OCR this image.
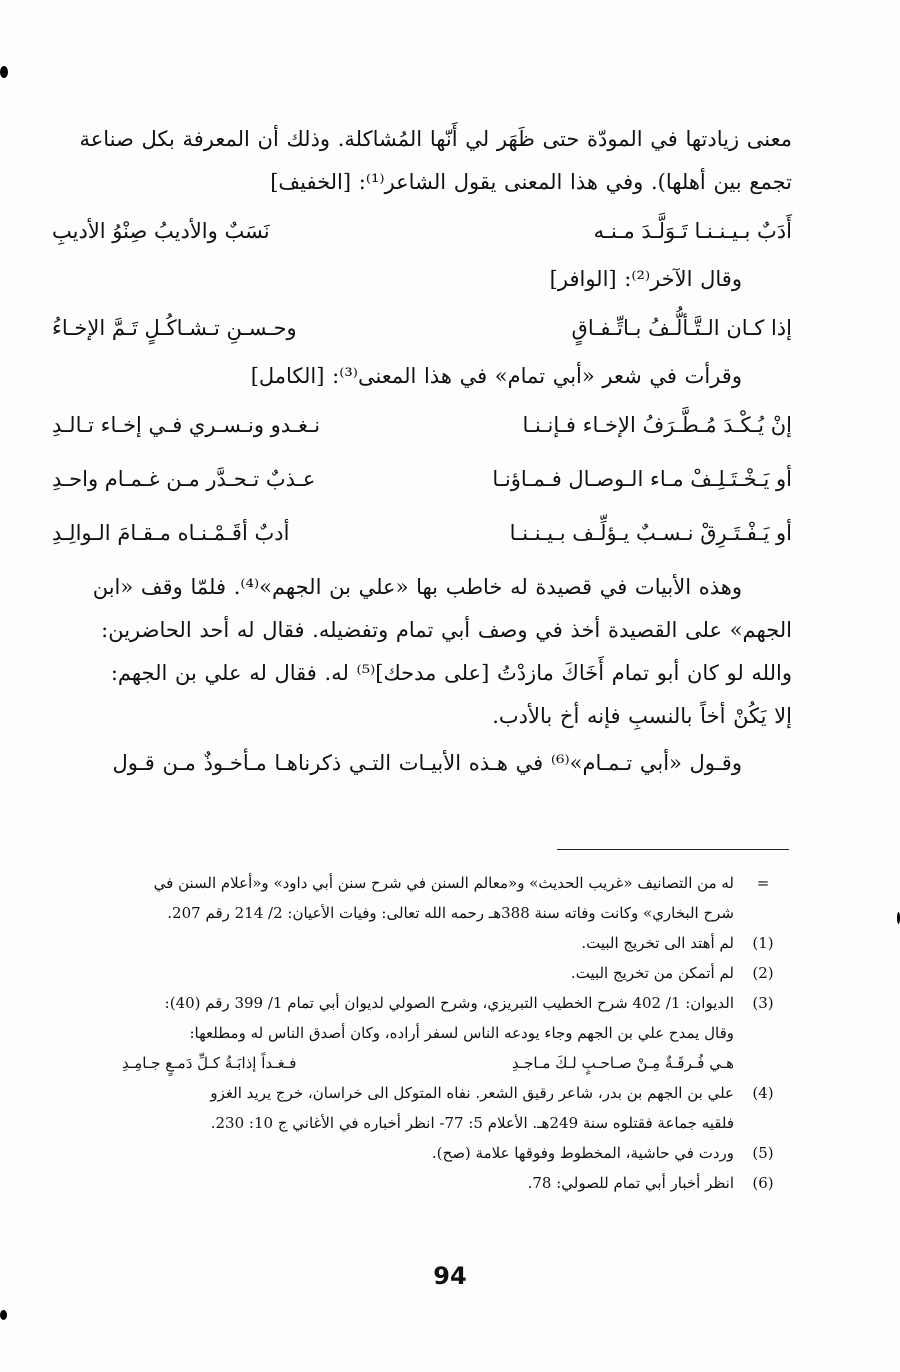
معنى زيادتها في المودّة حتى ظَهَر لي أَنّها المُشاكلة. وذلك أن المعرفة بكل صناعة
تجمع بين أهلها). وفي هذا المعنى يقول الشاعر⁽¹⁾: [الخفيف]

أَدَبٌ بـيـنـنـا تَـوَلَّـدَ مـنـه
نَسَبٌ والأديبُ صِنْوُ الأديبِ

وقال الآخر⁽²⁾: [الوافر]

إذا كـان الـتَّـألُّـفُ بـاتِّـفـاقٍ
وحـسـنِ تـشـاكُـلٍ تَـمَّ الإخـاءُ

وقرأت في شعر «أبي تمام» في هذا المعنى⁽³⁾: [الكامل]

إنْ يُـكْـدَ مُـطَّـرَفُ الإخـاء فـإنـنـا
نـغـدو ونـسـري فـي إخـاء تـالـدِ
أو يَـخْـتَـلِـفْ مـاء الـوصـال فـمـاؤنـا
عـذبٌ تـحـدَّر مـن غـمـام واحـدِ
أو يَـفْـتَـرِقْ نـسـبٌ يـؤلِّـف بـيـنـنـا
أدبٌ أقَـمْـنـاه مـقـامَ الـوالِـدِ

وهذه الأبيات في قصيدة له خاطب بها «علي بن الجهم»⁽⁴⁾. فلمّا وقف «ابن
الجهم» على القصيدة أخذ في وصف أبي تمام وتفضيله. فقال له أحد الحاضرين:
والله لو كان أبو تمام أَخَاكَ مازدْتُ [على مدحك]⁽⁵⁾ له. فقال له علي بن الجهم:
إلا يَكُنْ أخاً بالنسبِ فإنه أخ بالأدب.

وقـول «أبي تـمـام»⁽⁶⁾ في هـذه الأبيـات التـي ذكرناهـا مـأخـوذٌ مـن قـول

=
له من التصانيف «غريب الحديث» و«معالم السنن في شرح سنن أبي داود» و«أعلام السنن في
شرح البخاري» وكانت وفاته سنة 388هـ رحمه الله تعالى: وفيات الأعيان: 2/ 214 رقم 207.
(1)
لم أهتد الى تخريج البيت.
(2)
لم أتمكن من تخريج البيت.
(3)
الديوان: 1/ 402 شرح الخطيب التبريزي، وشرح الصولي لديوان أبي تمام 1/ 399 رقم (40):
وقال يمدح علي بن الجهم وجاء يودعه الناس لسفر أراده، وكان أصدق الناس له ومطلعها:
هـي فُـرقَـةٌ مِـنْ صـاحـبٍ لـكَ مـاجـدِ
فـغـداً إذابَـةُ كـلِّ دَمـعٍ جـامِـدِ
(4)
علي بن الجهم بن بدر، شاعر رقيق الشعر. نفاه المتوكل الى خراسان، خرج يريد الغزو
فلقيه جماعة فقتلوه سنة 249هـ. الأعلام 5: 77- انظر أخباره في الأغاني ج 10: 230.
(5)
وردت في حاشية، المخطوط وفوقها علامة (صح).
(6)
انظر أخبار أبي تمام للصولي: 78.
94
